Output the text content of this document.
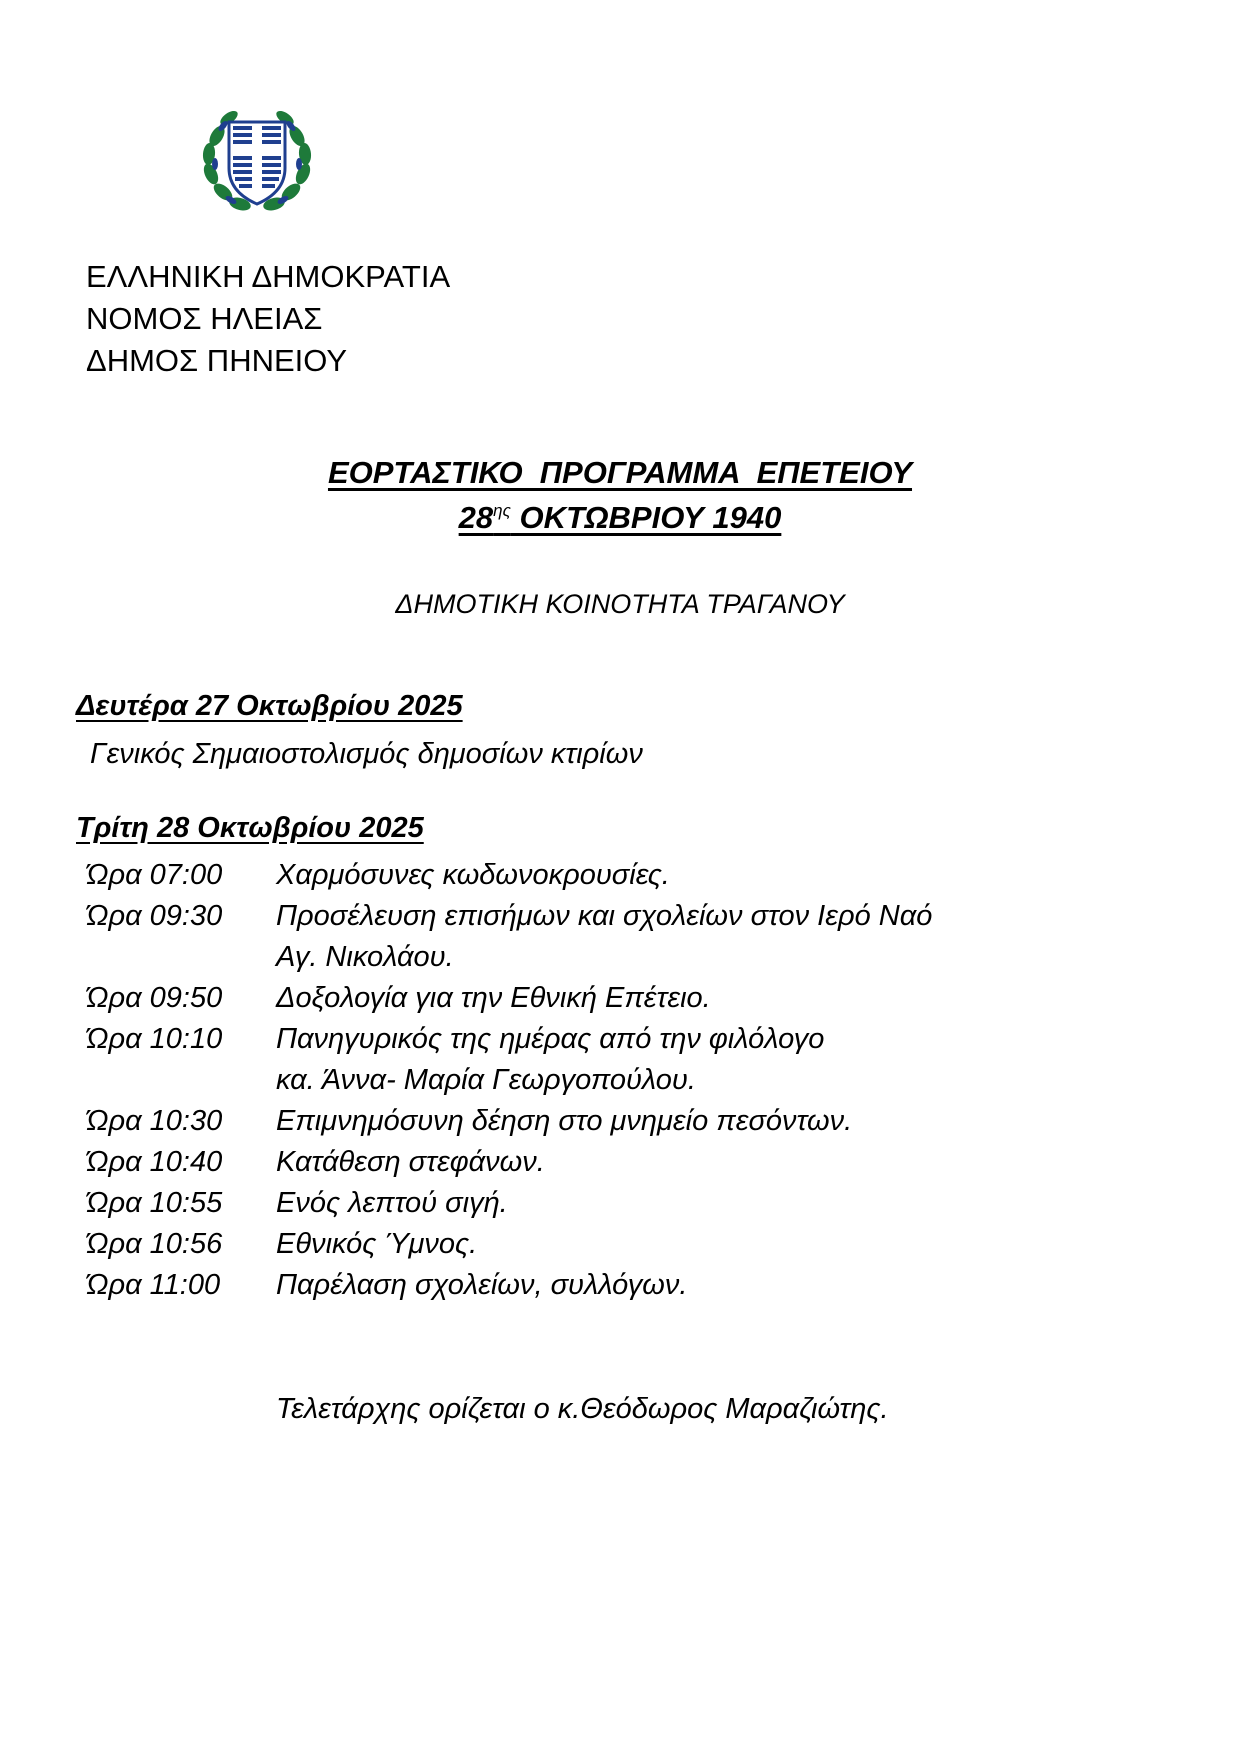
ΕΛΛΗΝΙΚΗ ΔΗΜΟΚΡΑΤΙΑ
ΝΟΜΟΣ ΗΛΕΙΑΣ
ΔΗΜΟΣ ΠΗΝΕΙΟΥ
ΕΟΡΤΑΣΤΙΚΟ  ΠΡΟΓΡΑΜΜΑ  ΕΠΕΤΕΙΟΥ
$28^{\eta\varsigma}$ ΟΚΤΩΒΡΙΟΥ 1940
ΔΗΜΟΤΙΚΗ ΚΟΙΝΟΤΗΤΑ ΤΡΑΓΑΝΟΥ
Δευτέρα 27 Οκτωβρίου 2025
Γενικός Σημαιοστολισμός δημοσίων κτιρίων
Τρίτη 28 Οκτωβρίου 2025
Ώρα 07:00	Χαρμόσυνες κωδωνοκρουσίες.
Ώρα 09:30	Προσέλευση επισήμων και σχολείων στον Ιερό Ναό
Αγ. Νικολάου.
Ώρα 09:50	Δοξολογία για την Εθνική Επέτειο.
Ώρα 10:10	Πανηγυρικός της ημέρας από την φιλόλογο
κα. Άννα- Μαρία Γεωργοπούλου.
Ώρα 10:30	Επιμνημόσυνη δέηση στο μνημείο πεσόντων.
Ώρα 10:40	Κατάθεση στεφάνων.
Ώρα 10:55	Ενός λεπτού σιγή.
Ώρα 10:56	Εθνικός Ύμνος.
Ώρα 11:00	Παρέλαση σχολείων, συλλόγων.
Τελετάρχης ορίζεται ο κ.Θεόδωρος Μαραζιώτης.
